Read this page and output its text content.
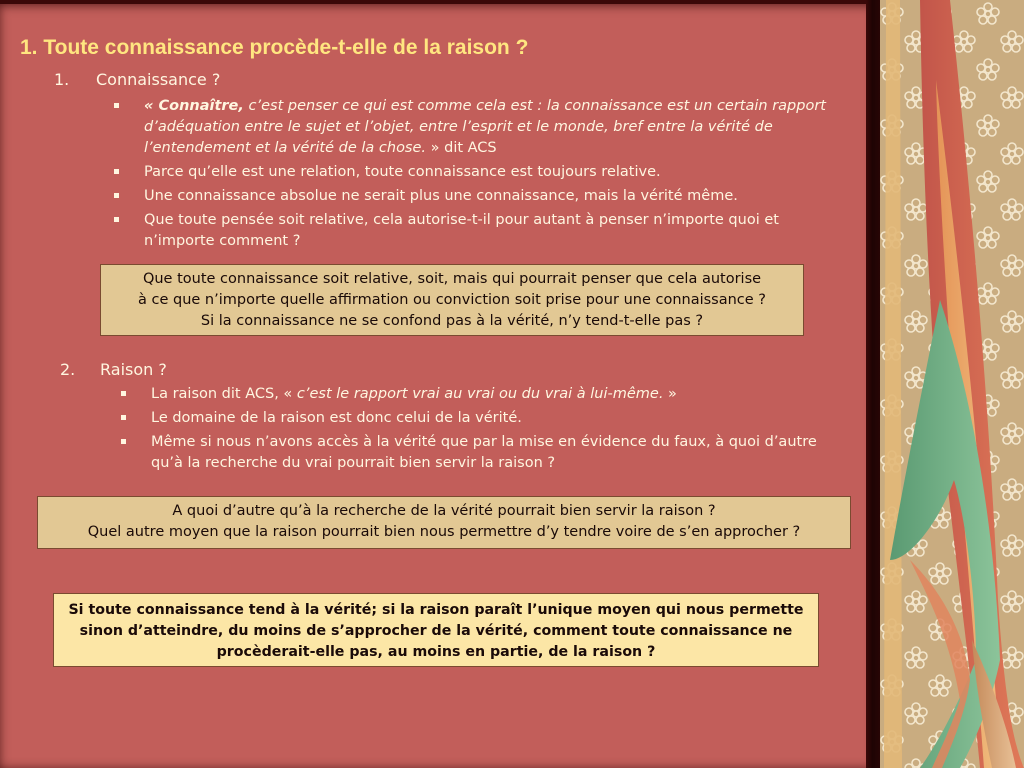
1. Toute connaissance procède-t-elle de la raison ?
1. Connaissance ?
« Connaître, c’est penser ce qui est comme cela est : la connaissance est un certain rapport d’adéquation entre le sujet et l’objet, entre l’esprit et le monde, bref entre la vérité de l’entendement et la vérité de la chose. » dit ACS
Parce qu’elle est une relation, toute connaissance est toujours relative.
Une connaissance absolue ne serait plus une connaissance, mais la vérité même.
Que toute pensée soit relative, cela autorise-t-il pour autant à penser n’importe quoi et n’importe comment ?

Que toute connaissance soit relative, soit, mais qui pourrait penser que cela autorise

à ce que n’importe quelle affirmation ou conviction soit prise pour une connaissance ?

Si la connaissance ne se confond pas à la vérité, n’y tend-t-elle pas ?

2. Raison ?
La raison dit ACS, « c’est le rapport vrai au vrai ou du vrai à lui-même. »
Le domaine de la raison est donc celui de la vérité.
Même si nous n’avons accès à la vérité que par la mise en évidence du faux, à quoi d’autre qu’à la recherche du vrai pourrait bien servir la raison ?

A quoi d’autre qu’à la recherche de la vérité pourrait bien servir la raison ?

Quel autre moyen que la raison pourrait bien nous permettre d’y tendre voire de s’en approcher ?

Si toute connaissance tend à la vérité; si la raison paraît l’unique moyen qui nous permette sinon d’atteindre, du moins de s’approcher de la vérité, comment toute connaissance ne procèderait-elle pas, au moins en partie, de la raison ?
